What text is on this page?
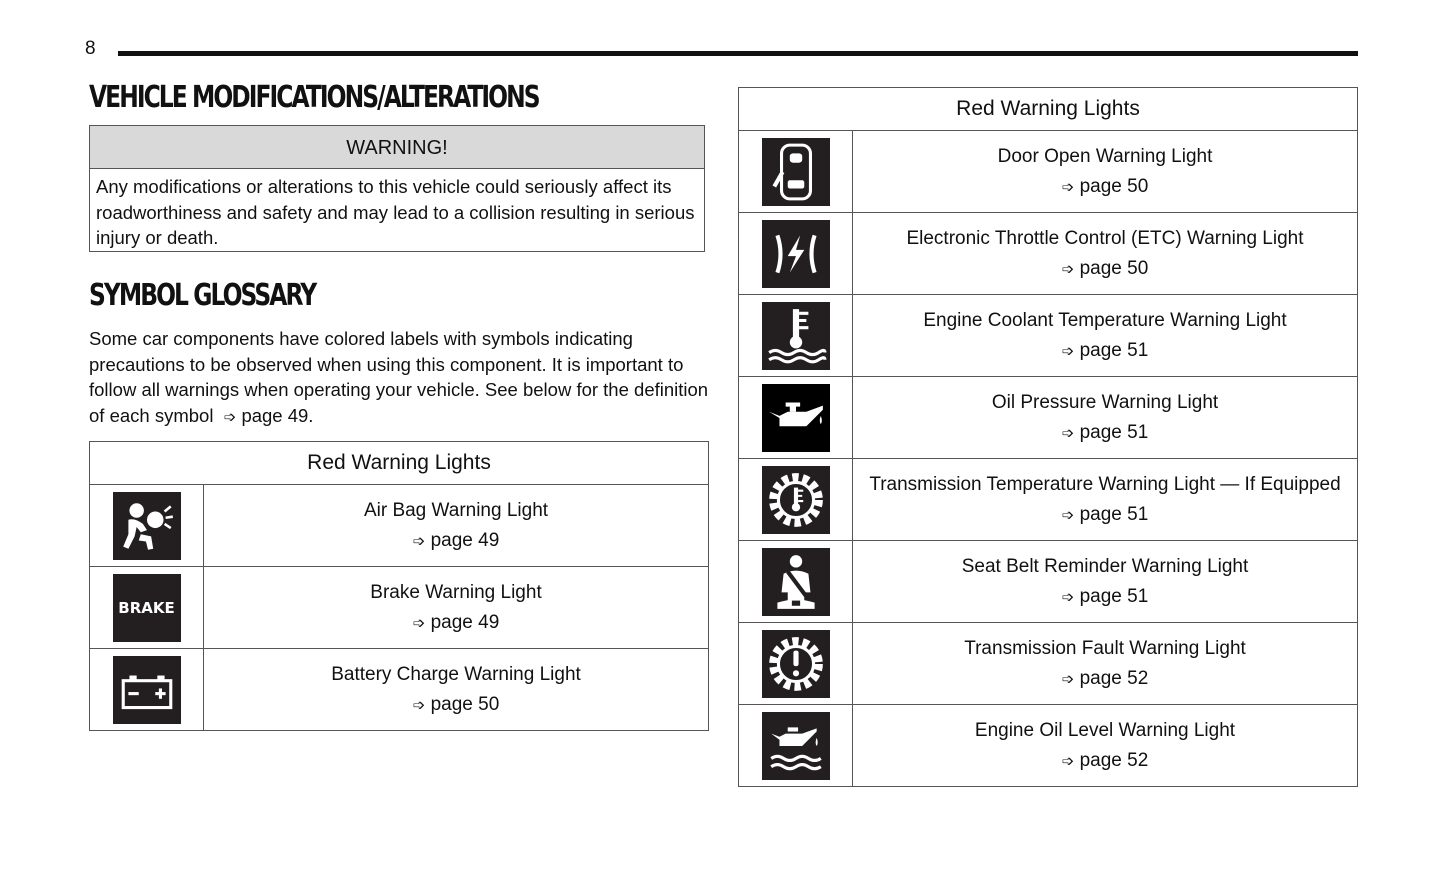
8
VEHICLE MODIFICATIONS/ALTERATIONS
WARNING!
Any modifications or alterations to this vehicle could seriously affect its roadworthiness and safety and may lead to a collision resulting in serious injury or death.
SYMBOL GLOSSARY
Some car components have colored labels with symbols indicating precautions to be observed when using this component. It is important to follow all warnings when operating your vehicle. See below for the definition of each symbol ➩ page 49.
Red Warning Lights	

Air Bag Warning Light
➩ page 49

BRAKE	Brake Warning Light
➩ page 49

Battery Charge Warning Light
➩ page 50
Red Warning Lights	

Door Open Warning Light
➩ page 50

Electronic Throttle Control (ETC) Warning Light
➩ page 50

Engine Coolant Temperature Warning Light
➩ page 51

Oil Pressure Warning Light
➩ page 51

Transmission Temperature Warning Light — If Equipped
➩ page 51

Seat Belt Reminder Warning Light
➩ page 51

Transmission Fault Warning Light
➩ page 52

Engine Oil Level Warning Light
➩ page 52
